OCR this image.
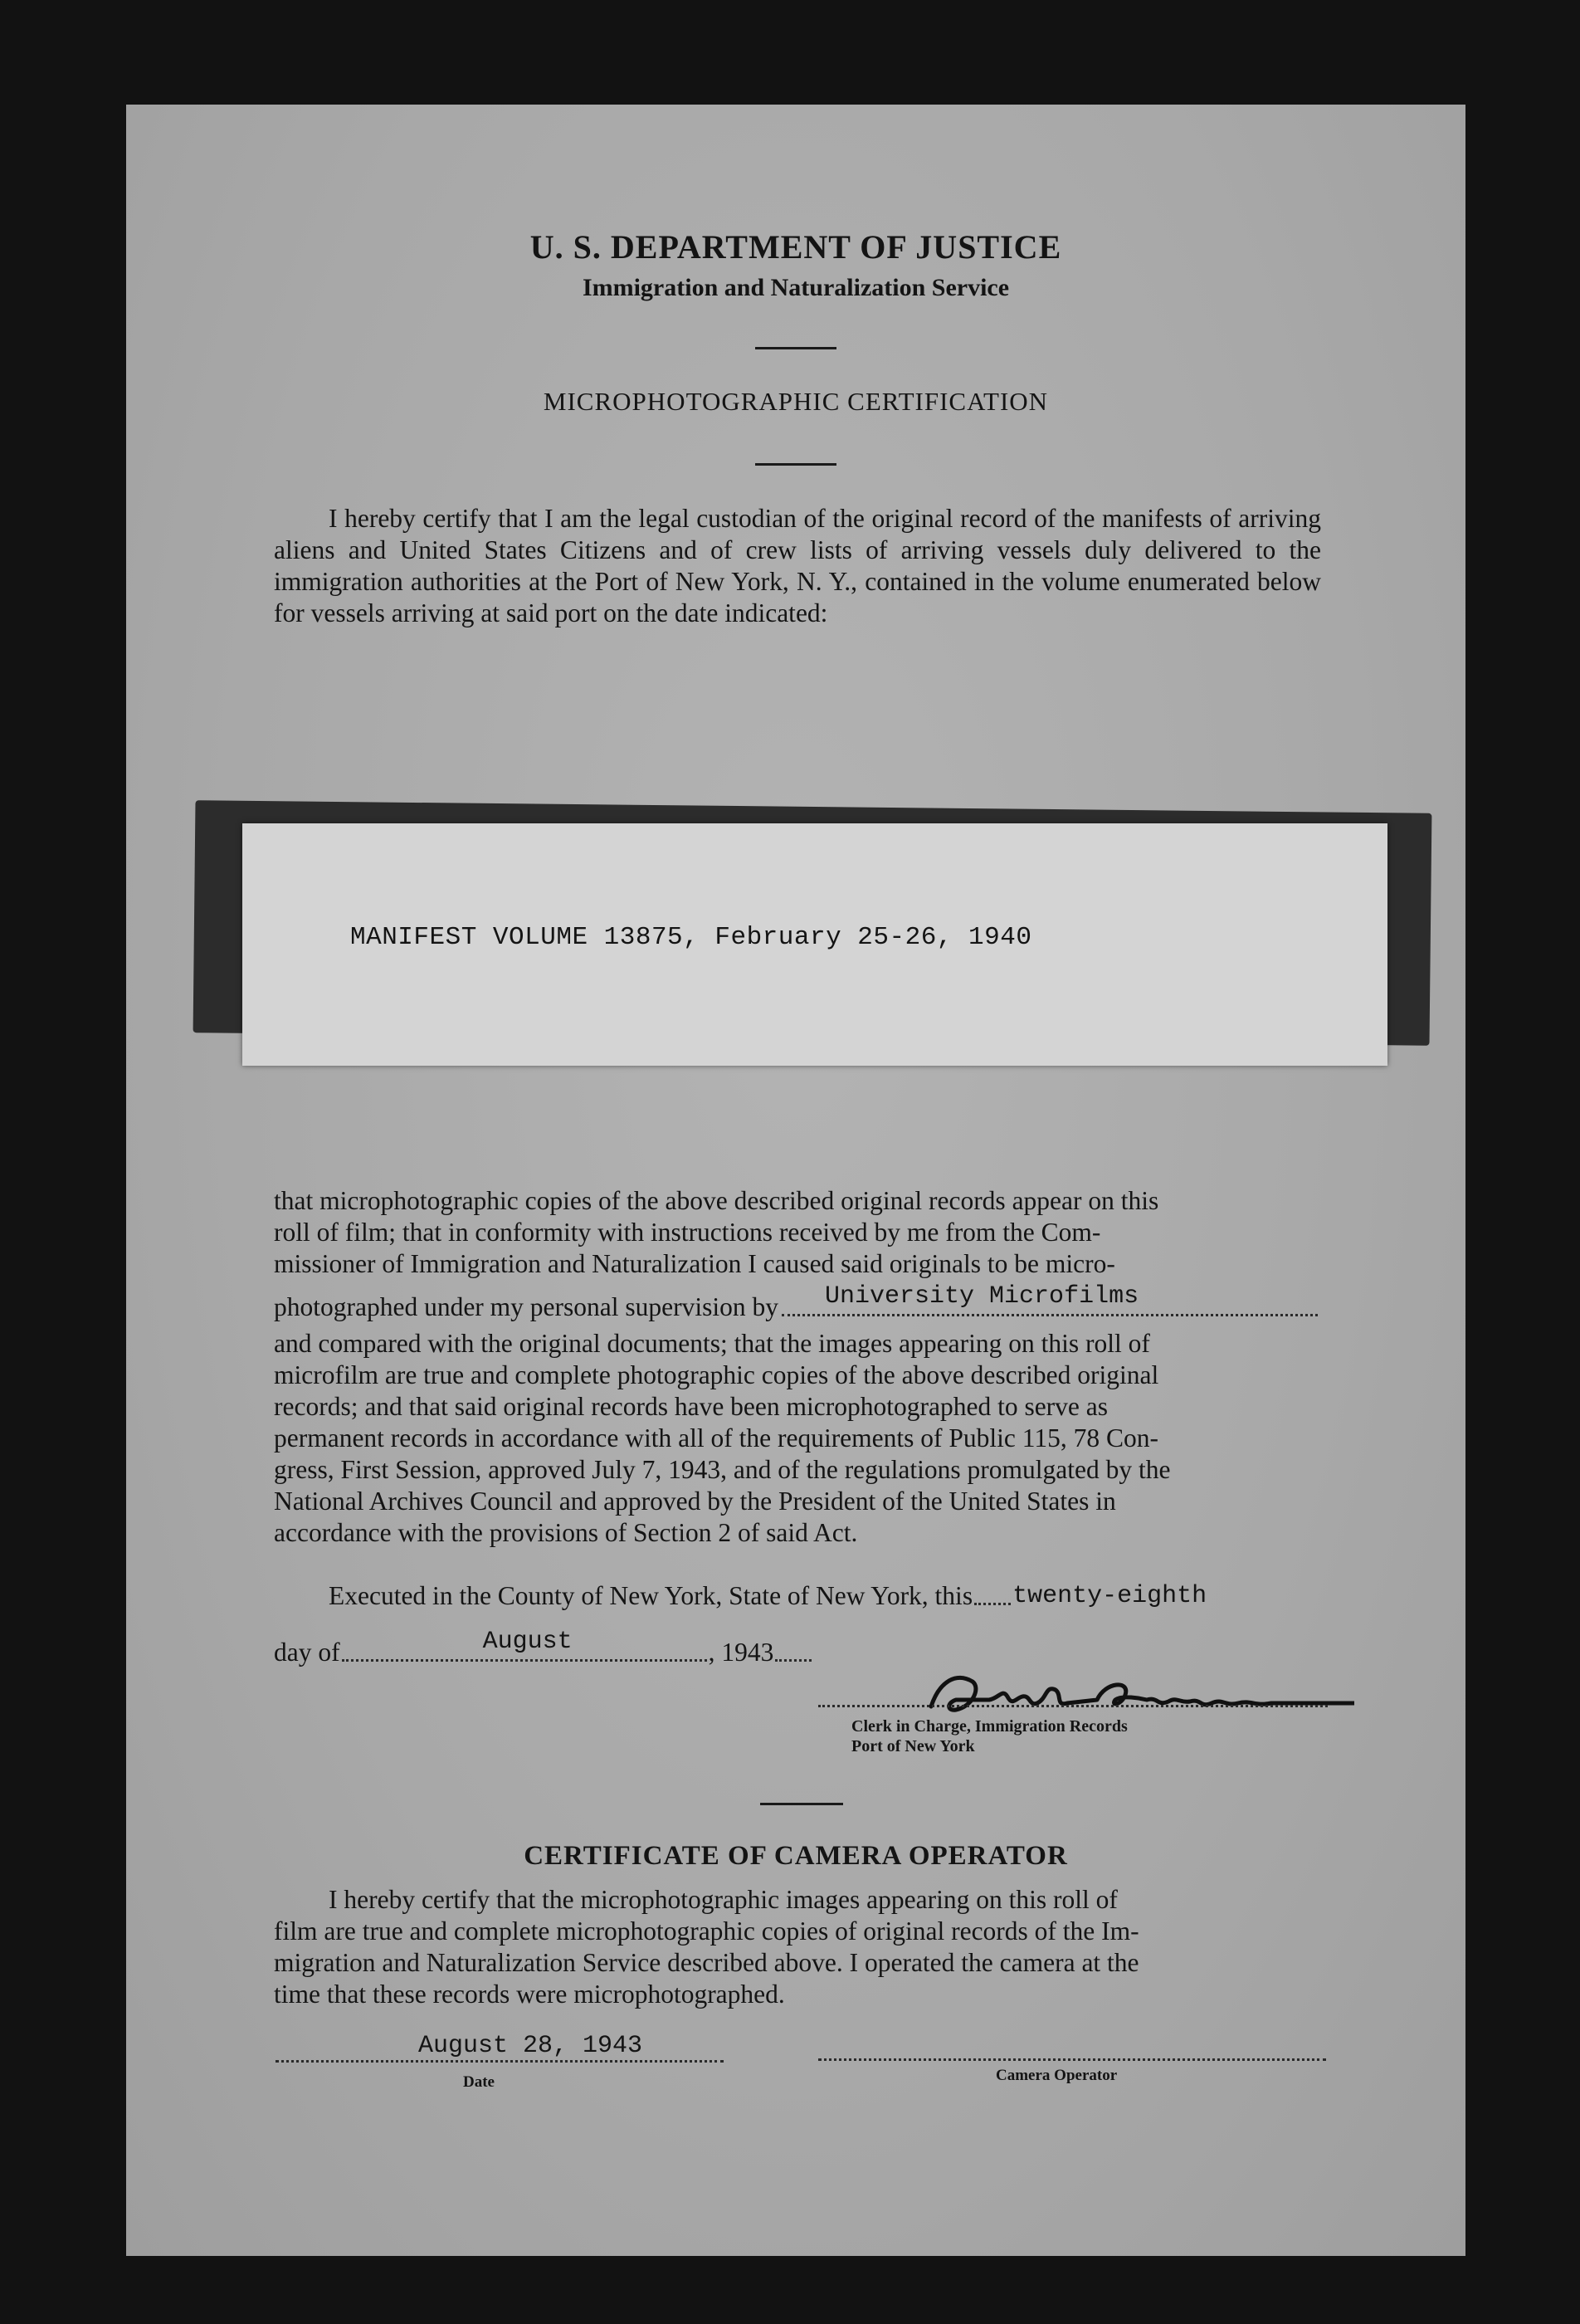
U. S. DEPARTMENT OF JUSTICE
Immigration and Naturalization Service
MICROPHOTOGRAPHIC CERTIFICATION
I hereby certify that I am the legal custodian of the original record of the manifests of arriving aliens and United States Citizens and of crew lists of arriving vessels duly delivered to the immigration authorities at the Port of New York, N. Y., contained in the volume enumerated below for vessels arriving at said port on the date indicated:
MANIFEST VOLUME 13875, February 25-26, 1940
that microphotographic copies of the above described original records appear on this
roll of film; that in conformity with instructions received by me from the Com-
missioner of Immigration and Naturalization I caused said originals to be micro-
photographed under my personal supervision by University Microfilms
and compared with the original documents; that the images appearing on this roll of
microfilm are true and complete photographic copies of the above described original
records; and that said original records have been microphotographed to serve as
permanent records in accordance with all of the requirements of Public 115, 78 Con-
gress, First Session, approved July 7, 1943, and of the regulations promulgated by the
National Archives Council and approved by the President of the United States in
accordance with the provisions of Section 2 of said Act.
Executed in the County of New York, State of New York, this twenty-eighth
day of	August	, 1943
Clerk in Charge, Immigration Records
Port of New York
CERTIFICATE OF CAMERA OPERATOR
I hereby certify that the microphotographic images appearing on this roll of
film are true and complete microphotographic copies of original records of the Im-
migration and Naturalization Service described above. I operated the camera at the
time that these records were microphotographed.
August 28, 1943
Date	Camera Operator
